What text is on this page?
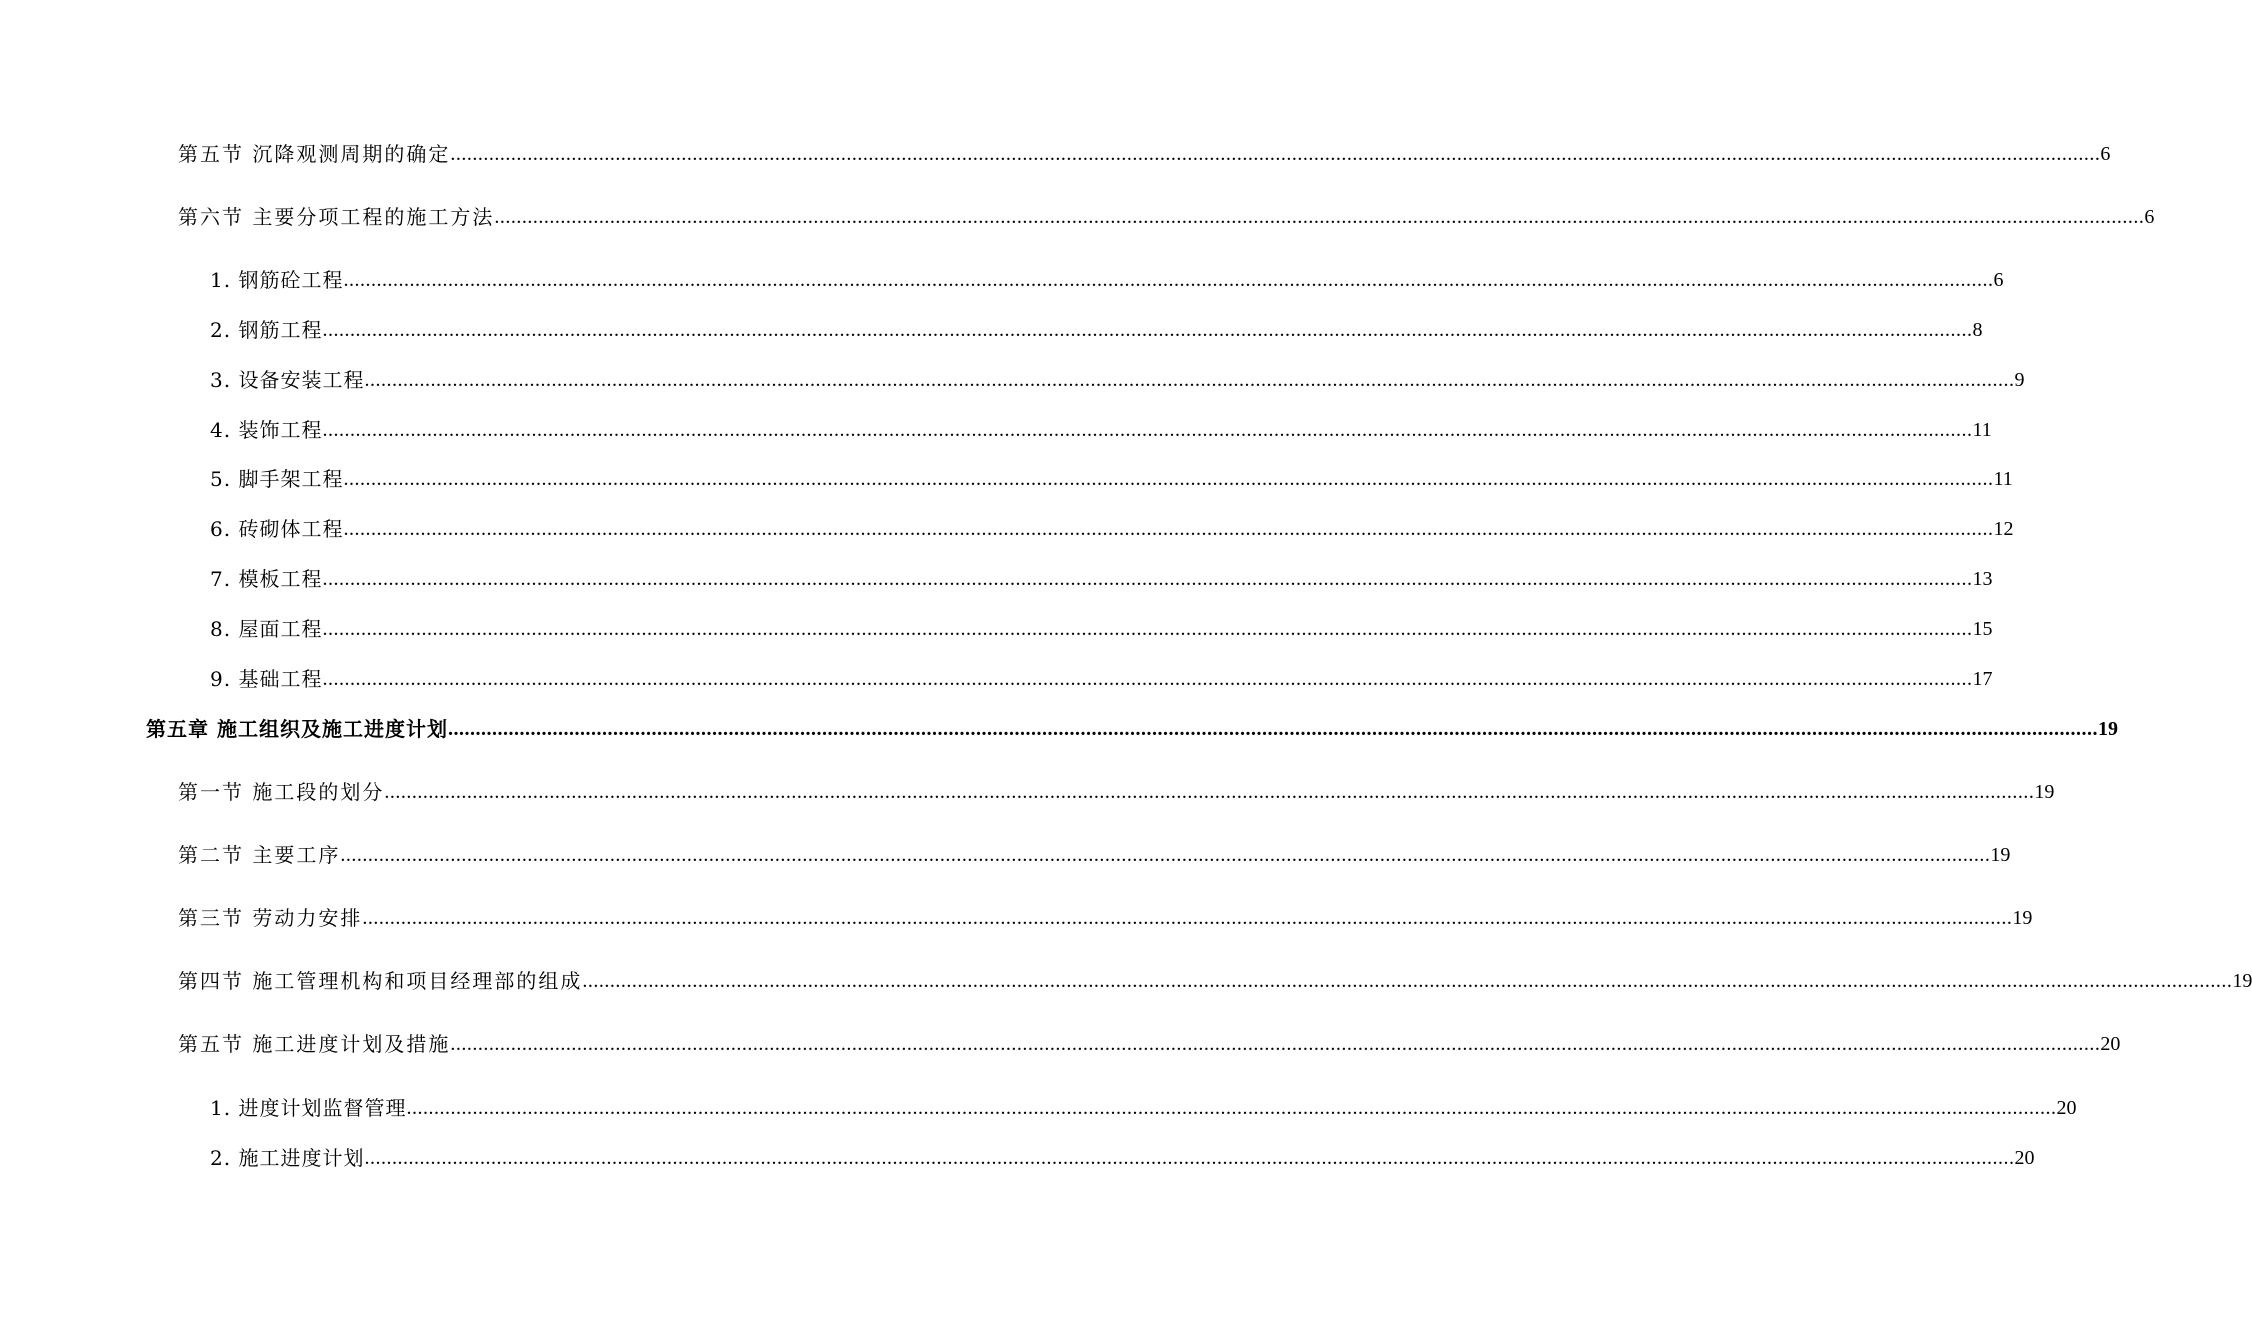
第五节 沉降观测周期的确定 ............................................................................................................................................................................................................................................................................................................ 6
第六节 主要分项工程的施工方法 ............................................................................................................................................................................................................................................................................................................ 6
1. 钢筋砼工程 ............................................................................................................................................................................................................................................................................................................ 6
2. 钢筋工程 ............................................................................................................................................................................................................................................................................................................ 8
3. 设备安装工程 ............................................................................................................................................................................................................................................................................................................ 9
4. 装饰工程 ............................................................................................................................................................................................................................................................................................................ 11
5. 脚手架工程 ............................................................................................................................................................................................................................................................................................................ 11
6. 砖砌体工程 ............................................................................................................................................................................................................................................................................................................ 12
7. 模板工程 ............................................................................................................................................................................................................................................................................................................ 13
8. 屋面工程 ............................................................................................................................................................................................................................................................................................................ 15
9. 基础工程 ............................................................................................................................................................................................................................................................................................................ 17
第五章 施工组织及施工进度计划 ............................................................................................................................................................................................................................................................................................................ 19
第一节 施工段的划分 ............................................................................................................................................................................................................................................................................................................ 19
第二节 主要工序 ............................................................................................................................................................................................................................................................................................................ 19
第三节 劳动力安排 ............................................................................................................................................................................................................................................................................................................ 19
第四节 施工管理机构和项目经理部的组成 ............................................................................................................................................................................................................................................................................................................ 19
第五节 施工进度计划及措施 ............................................................................................................................................................................................................................................................................................................ 20
1. 进度计划监督管理 ............................................................................................................................................................................................................................................................................................................ 20
2. 施工进度计划 ............................................................................................................................................................................................................................................................................................................ 20
